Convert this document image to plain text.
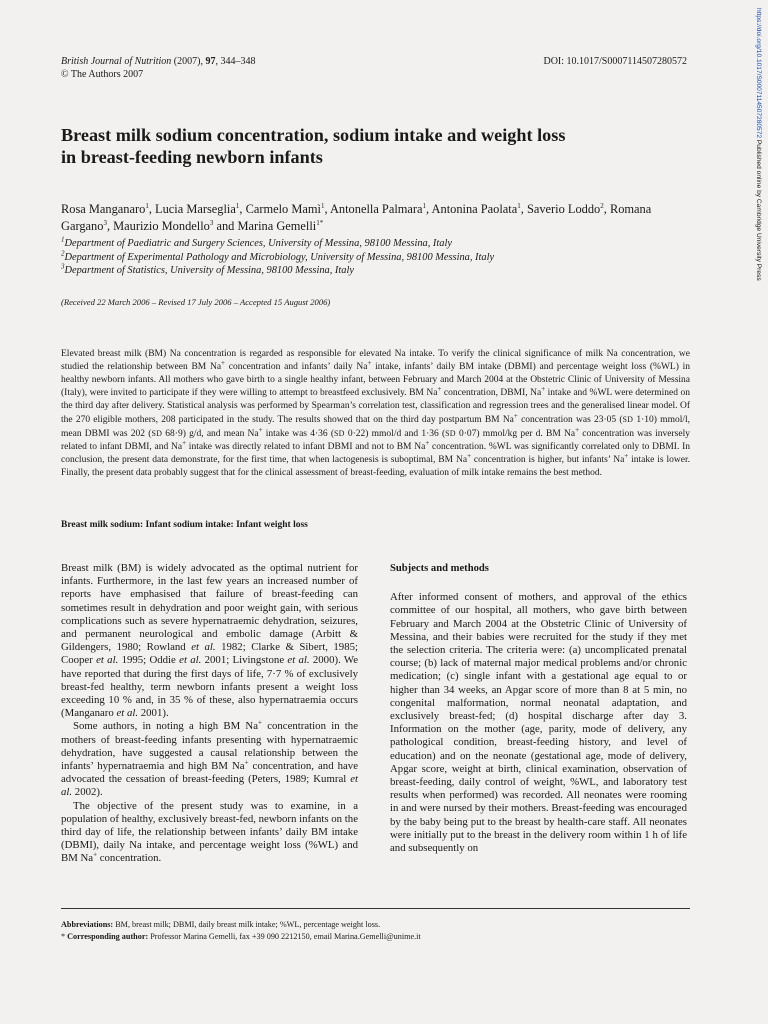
British Journal of Nutrition (2007), 97, 344–348
© The Authors 2007
DOI: 10.1017/S0007114507280572	https://doi.org/10.1017/S0007114507280572 Published online by Cambridge University Press
Breast milk sodium concentration, sodium intake and weight loss
in breast-feeding newborn infants
Rosa Manganaro$^1$, Lucia Marseglia$^1$, Carmelo Mamì$^1$, Antonella Palmara$^1$, Antonina Paolata$^1$, Saverio Loddo$^2$, Romana Gargano$^3$, Maurizio Mondello$^3$ and Marina Gemelli$^{1*}$
$^1$Department of Paediatric and Surgery Sciences, University of Messina, 98100 Messina, Italy
$^2$Department of Experimental Pathology and Microbiology, University of Messina, 98100 Messina, Italy
$^3$Department of Statistics, University of Messina, 98100 Messina, Italy
(Received 22 March 2006 – Revised 17 July 2006 – Accepted 15 August 2006)
Elevated breast milk (BM) Na concentration is regarded as responsible for elevated Na intake. To verify the clinical significance of milk Na concentration, we studied the relationship between BM Na+ concentration and infants’ daily Na+ intake, infants’ daily BM intake (DBMI) and percentage weight loss (%WL) in healthy newborn infants. All mothers who gave birth to a single healthy infant, between February and March 2004 at the Obstetric Clinic of University of Messina (Italy), were invited to participate if they were willing to attempt to breastfeed exclusively. BM Na+ concentration, DBMI, Na+ intake and %WL were determined on the third day after delivery. Statistical analysis was performed by Spearman’s correlation test, classification and regression trees and the generalised linear model. Of the 270 eligible mothers, 208 participated in the study. The results showed that on the third day postpartum BM Na+ concentration was 23·05 (SD 1·10) mmol/l, mean DBMI was 202 (SD 68·9) g/d, and mean Na+ intake was 4·36 (SD 0·22) mmol/d and 1·36 (SD 0·07) mmol/kg per d. BM Na+ concentration was inversely related to infant DBMI, and Na+ intake was directly related to infant DBMI and not to BM Na+ concentration. %WL was significantly correlated only to DBMI. In conclusion, the present data demonstrate, for the first time, that when lactogenesis is suboptimal, BM Na+ concentration is higher, but infants’ Na+ intake is lower. Finally, the present data probably suggest that for the clinical assessment of breast-feeding, evaluation of milk intake remains the best method.
Breast milk sodium: Infant sodium intake: Infant weight loss

Breast milk (BM) is widely advocated as the optimal nutrient for infants. Furthermore, in the last few years an increased number of reports have emphasised that failure of breast-feeding can sometimes result in dehydration and poor weight gain, with serious complications such as severe hypernatraemic dehydration, seizures, and permanent neurological and embolic damage (Arbitt & Gildengers, 1980; Rowland et al. 1982; Clarke & Sibert, 1985; Cooper et al. 1995; Oddie et al. 2001; Livingstone et al. 2000). We have reported that during the first days of life, 7·7 % of exclusively breast-fed healthy, term newborn infants present a weight loss exceeding 10 % and, in 35 % of these, also hypernatraemia occurs (Manganaro et al. 2001).

Some authors, in noting a high BM Na+ concentration in the mothers of breast-feeding infants presenting with hypernatraemic dehydration, have suggested a causal relationship between the infants’ hypernatraemia and high BM Na+ concentration, and have advocated the cessation of breast-feeding (Peters, 1989; Kumral et al. 2002).

The objective of the present study was to examine, in a population of healthy, exclusively breast-fed, newborn infants on the third day of life, the relationship between infants’ daily BM intake (DBMI), daily Na intake, and percentage weight loss (%WL) and BM Na+ concentration.

Subjects and methods

After informed consent of mothers, and approval of the ethics committee of our hospital, all mothers, who gave birth between February and March 2004 at the Obstetric Clinic of University of Messina, and their babies were recruited for the study if they met the selection criteria. The criteria were: (a) uncomplicated prenatal course; (b) lack of maternal major medical problems and/or chronic medication; (c) single infant with a gestational age equal to or higher than 34 weeks, an Apgar score of more than 8 at 5 min, no congenital malformation, normal neonatal adaptation, and exclusively breast-fed; (d) hospital discharge after day 3. Information on the mother (age, parity, mode of delivery, any pathological condition, breast-feeding history, and level of education) and on the neonate (gestational age, mode of delivery, Apgar score, weight at birth, clinical examination, observation of breast-feeding, daily control of weight, %WL, and laboratory test results when performed) was recorded. All neonates were rooming in and were nursed by their mothers. Breast-feeding was encouraged by the baby being put to the breast by health-care staff. All neonates were initially put to the breast in the delivery room within 1 h of life and subsequently on

Abbreviations: BM, breast milk; DBMI, daily breast milk intake; %WL, percentage weight loss.
* Corresponding author: Professor Marina Gemelli, fax +39 090 2212150, email Marina.Gemelli@unime.it
